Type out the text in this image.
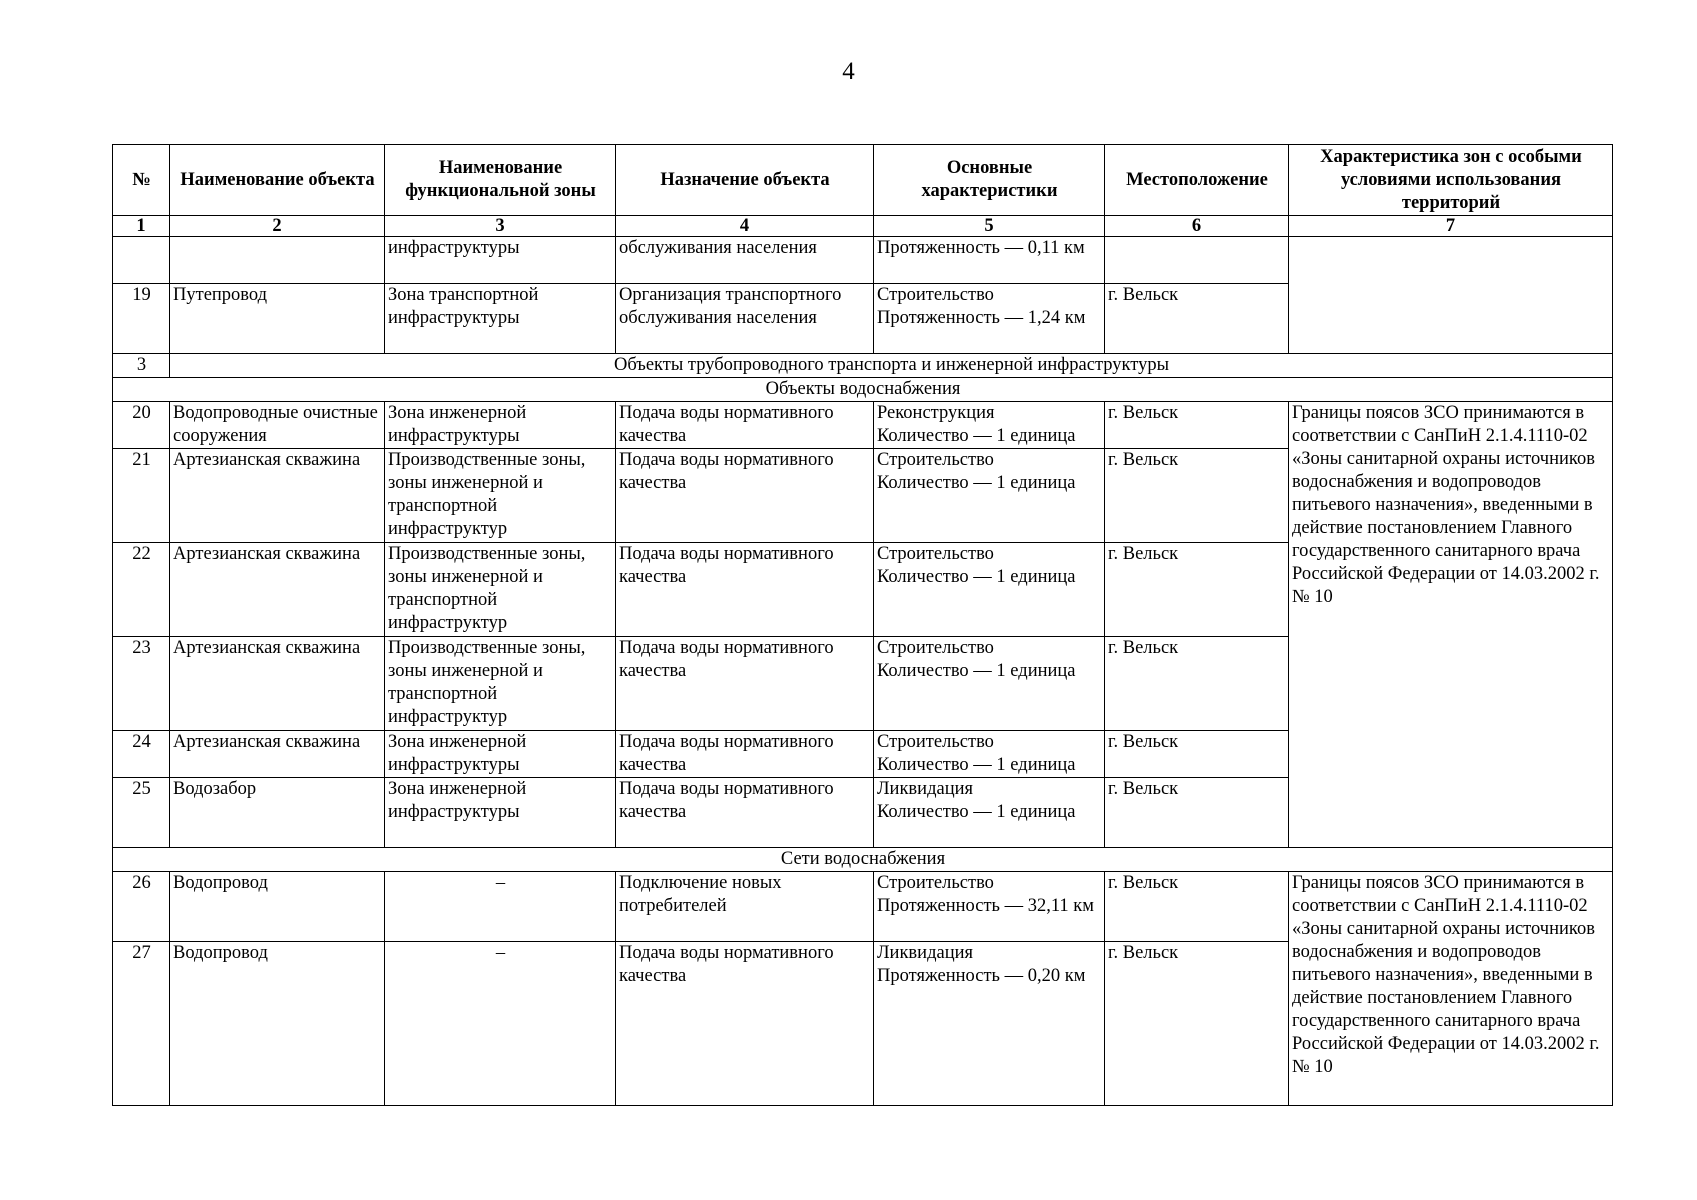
4
№	Наименование объекта	Наименование функциональной зоны	Назначение объекта	Основные характеристики	Местоположение	Характеристика зон с особыми условиями использования территорий
1	2	3	4	5	6	7
		инфраструктуры	обслуживания населения	Протяженность — 0,11 км		
19	Путепровод	Зона транспортной инфраструктуры	Организация транспортного обслуживания населения	Строительство
Протяженность — 1,24 км	г. Вельск	
3	Объекты трубопроводного транспорта и инженерной инфраструктуры					
Объекты водоснабжения						
20	Водопроводные очистные сооружения	Зона инженерной инфраструктуры	Подача воды нормативного качества	Реконструкция
Количество — 1 единица	г. Вельск	Границы поясов ЗСО принимаются в соответствии с СанПиН 2.1.4.1110-02 «Зоны санитарной охраны источников водоснабжения и водопроводов питьевого назначения», введенными в действие постановлением Главного государственного санитарного врача Российской Федерации от 14.03.2002 г. № 10
21	Артезианская скважина	Производственные зоны, зоны инженерной и транспортной инфраструктур	Подача воды нормативного качества	Строительство
Количество — 1 единица	г. Вельск	
22	Артезианская скважина	Производственные зоны, зоны инженерной и транспортной инфраструктур	Подача воды нормативного качества	Строительство
Количество — 1 единица	г. Вельск	
23	Артезианская скважина	Производственные зоны, зоны инженерной и транспортной инфраструктур	Подача воды нормативного качества	Строительство
Количество — 1 единица	г. Вельск	
24	Артезианская скважина	Зона инженерной инфраструктуры	Подача воды нормативного качества	Строительство
Количество — 1 единица	г. Вельск	
25	Водозабор	Зона инженерной инфраструктуры	Подача воды нормативного качества	Ликвидация
Количество — 1 единица	г. Вельск	
Сети водоснабжения						
26	Водопровод	–	Подключение новых потребителей	Строительство
Протяженность — 32,11 км	г. Вельск	Границы поясов ЗСО принимаются в соответствии с СанПиН 2.1.4.1110-02 «Зоны санитарной охраны источников водоснабжения и водопроводов питьевого назначения», введенными в действие постановлением Главного государственного санитарного врача Российской Федерации от 14.03.2002 г. № 10
27	Водопровод	–	Подача воды нормативного качества	Ликвидация
Протяженность — 0,20 км	г. Вельск	
